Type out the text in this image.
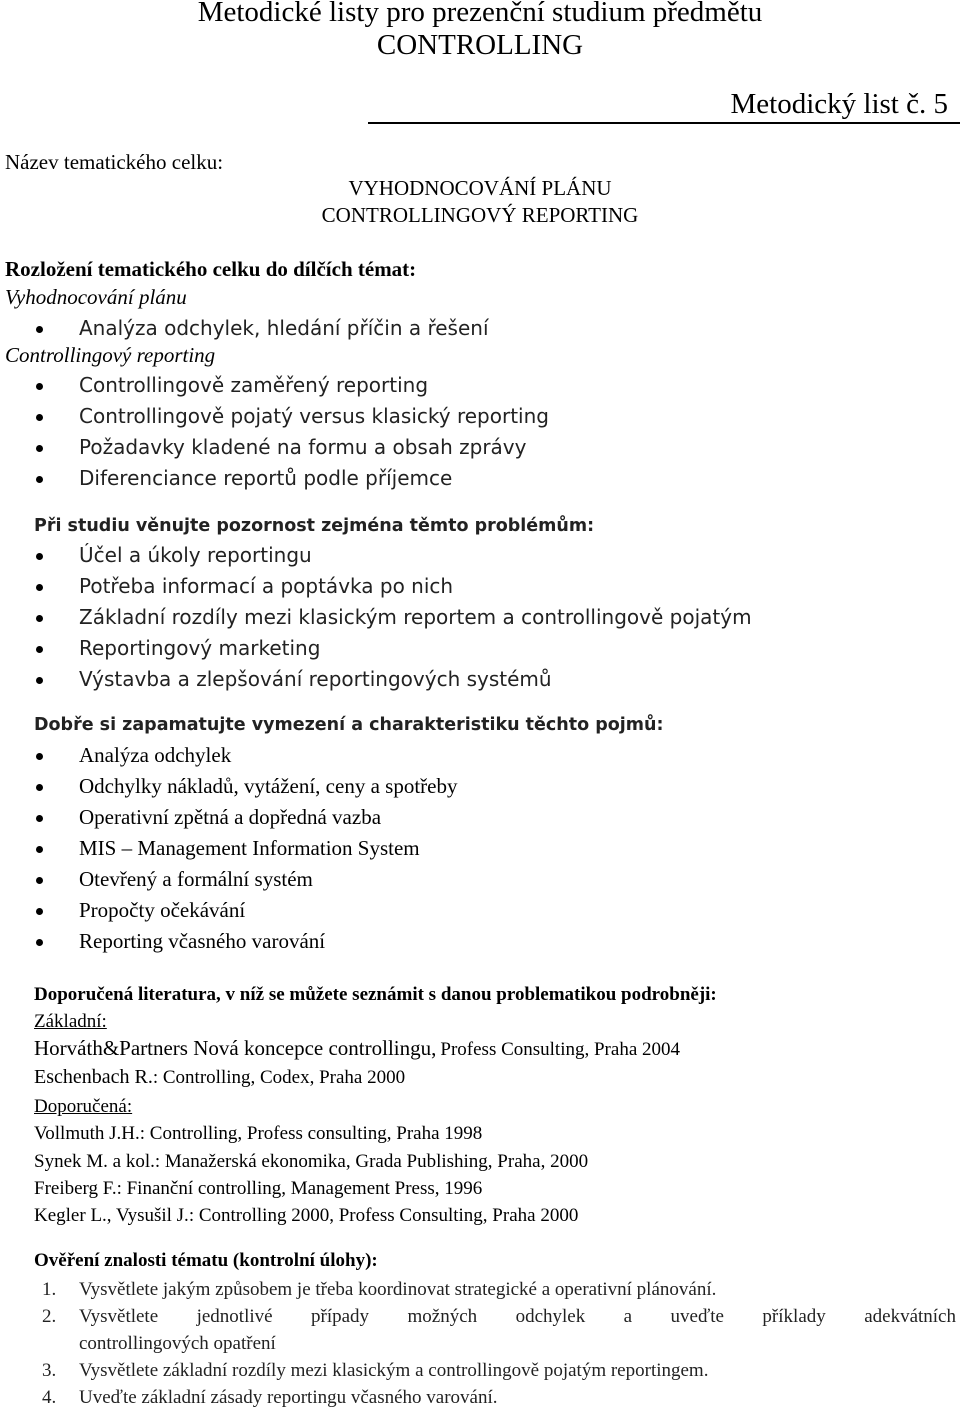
Metodické listy pro prezenční studium předmětu
CONTROLLING
Metodický list č. 5
Název tematického celku:
VYHODNOCOVÁNÍ PLÁNU
CONTROLLINGOVÝ REPORTING
Rozložení tematického celku do dílčích témat:
Vyhodnocování plánu
Analýza odchylek, hledání příčin a řešení
Controllingový reporting
Controllingově zaměřený reporting
Controllingově pojatý versus klasický reporting
Požadavky kladené na formu a obsah zprávy
Diferenciance reportů podle příjemce
Při studiu věnujte pozornost zejména těmto problémům:
Účel a úkoly reportingu
Potřeba informací a poptávka po nich
Základní rozdíly mezi klasickým reportem a controllingově pojatým
Reportingový marketing
Výstavba a zlepšování reportingových systémů
Dobře si zapamatujte vymezení a charakteristiku těchto pojmů:
Analýza odchylek
Odchylky nákladů, vytážení, ceny a spotřeby
Operativní zpětná a dopředná vazba
MIS – Management Information System
Otevřený a formální systém
Propočty očekávání
Reporting včasného varování
Doporučená literatura, v níž se můžete seznámit s danou problematikou podrobněji:
Základní:
Horváth&Partners Nová koncepce controllingu, Profess Consulting, Praha 2004
Eschenbach R.: Controlling, Codex, Praha 2000
Doporučená:
Vollmuth J.H.: Controlling, Profess consulting, Praha 1998
Synek M. a kol.: Manažerská ekonomika, Grada Publishing, Praha, 2000
Freiberg F.: Finanční controlling, Management Press, 1996
Kegler L., Vysušil J.: Controlling 2000, Profess Consulting, Praha 2000
Ověření znalosti tématu (kontrolní úlohy):
1. Vysvětlete jakým způsobem je třeba koordinovat strategické a operativní plánování.
2. Vysvětlete jednotlivé případy možných odchylek a uveďte příklady adekvátních
controllingových opatření
3. Vysvětlete základní rozdíly mezi klasickým a controllingově pojatým reportingem.
4. Uveďte základní zásady reportingu včasného varování.
